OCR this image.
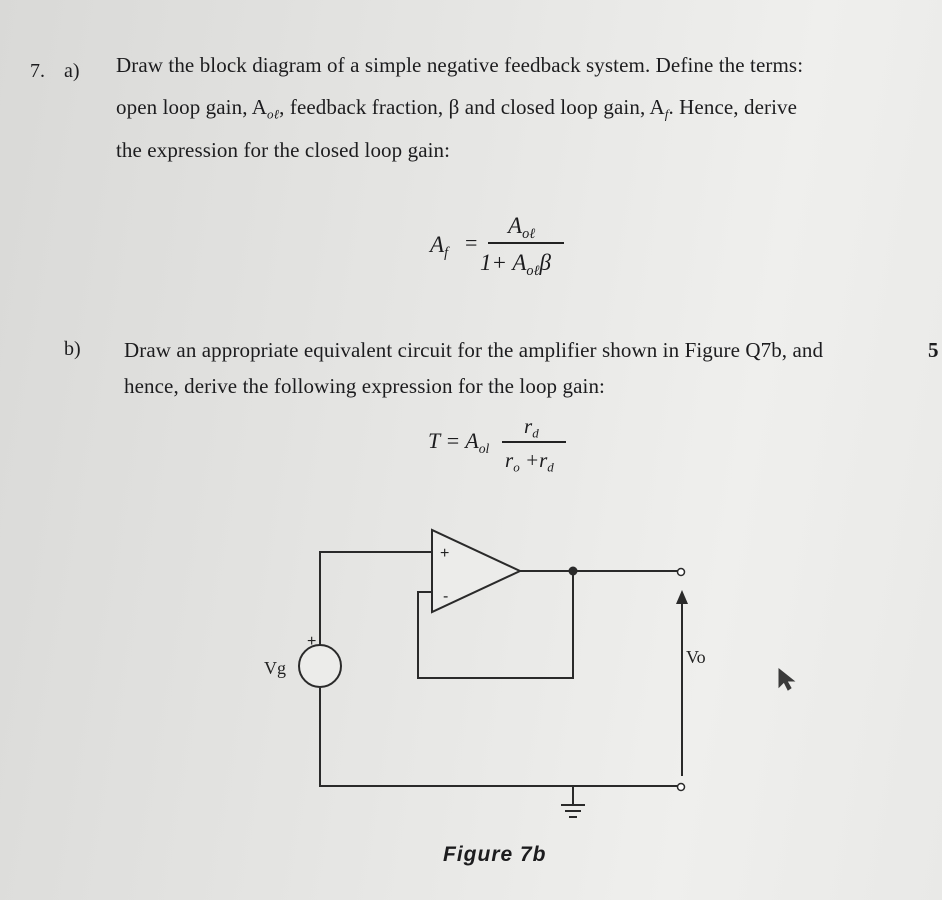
7. a) Draw the block diagram of a simple negative feedback system. Define the terms:
open loop gain, $A_{o\ell}$, feedback fraction, β and closed loop gain, $A_f$. Hence, derive
the expression for the closed loop gain:
$A_f$ =
$A_{o\ell}$
$1+ A_{o\ell}\beta$
b) Draw an appropriate equivalent circuit for the amplifier shown in Figure Q7b, and	5
hence, derive the following expression for the loop gain:
$T = A_{ol}$
$r_d$
$r_o +r_d$
+
-
+
Vg
Vo
Figure 7b
